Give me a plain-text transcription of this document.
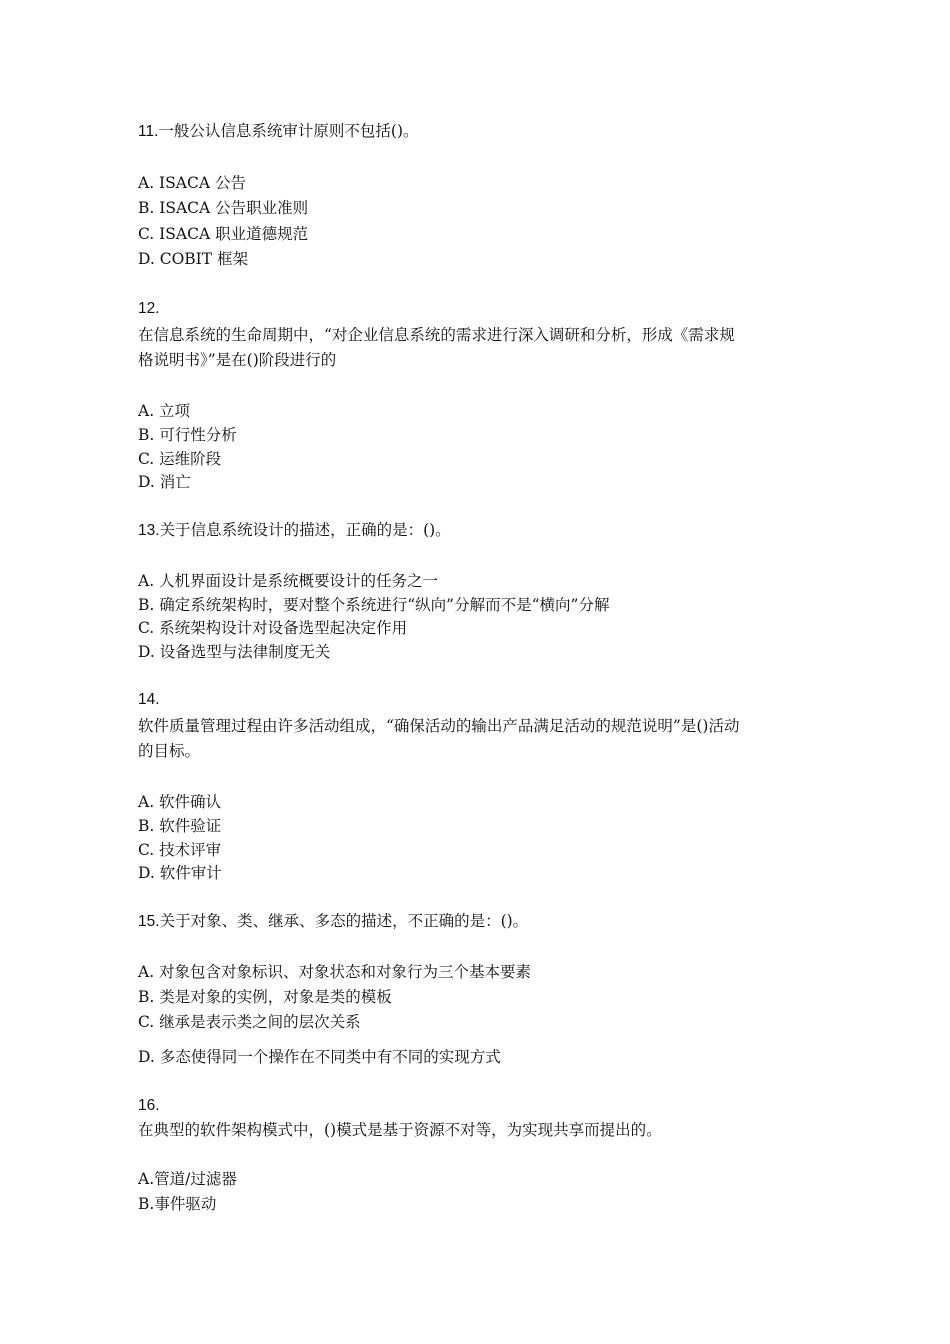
11.一般公认信息系统审计原则不包括()。
A. ISACA 公告
B. ISACA 公告职业准则
C. ISACA 职业道德规范
D. COBIT 框架
12.
在信息系统的生命周期中，“对企业信息系统的需求进行深入调研和分析，形成《需求规
格说明书》”是在()阶段进行的
A. 立项
B. 可行性分析
C. 运维阶段
D. 消亡
13.关于信息系统设计的描述，正确的是：()。
A. 人机界面设计是系统概要设计的任务之一
B. 确定系统架构时，要对整个系统进行“纵向”分解而不是“横向”分解
C. 系统架构设计对设备选型起决定作用
D. 设备选型与法律制度无关
14.
软件质量管理过程由许多活动组成，“确保活动的输出产品满足活动的规范说明”是()活动
的目标。
A. 软件确认
B. 软件验证
C. 技术评审
D. 软件审计
15.关于对象、类、继承、多态的描述，不正确的是：()。
A. 对象包含对象标识、对象状态和对象行为三个基本要素
B. 类是对象的实例，对象是类的模板
C. 继承是表示类之间的层次关系
D. 多态使得同一个操作在不同类中有不同的实现方式
16.
在典型的软件架构模式中，()模式是基于资源不对等，为实现共享而提出的。
A.管道/过滤器
B.事件驱动
